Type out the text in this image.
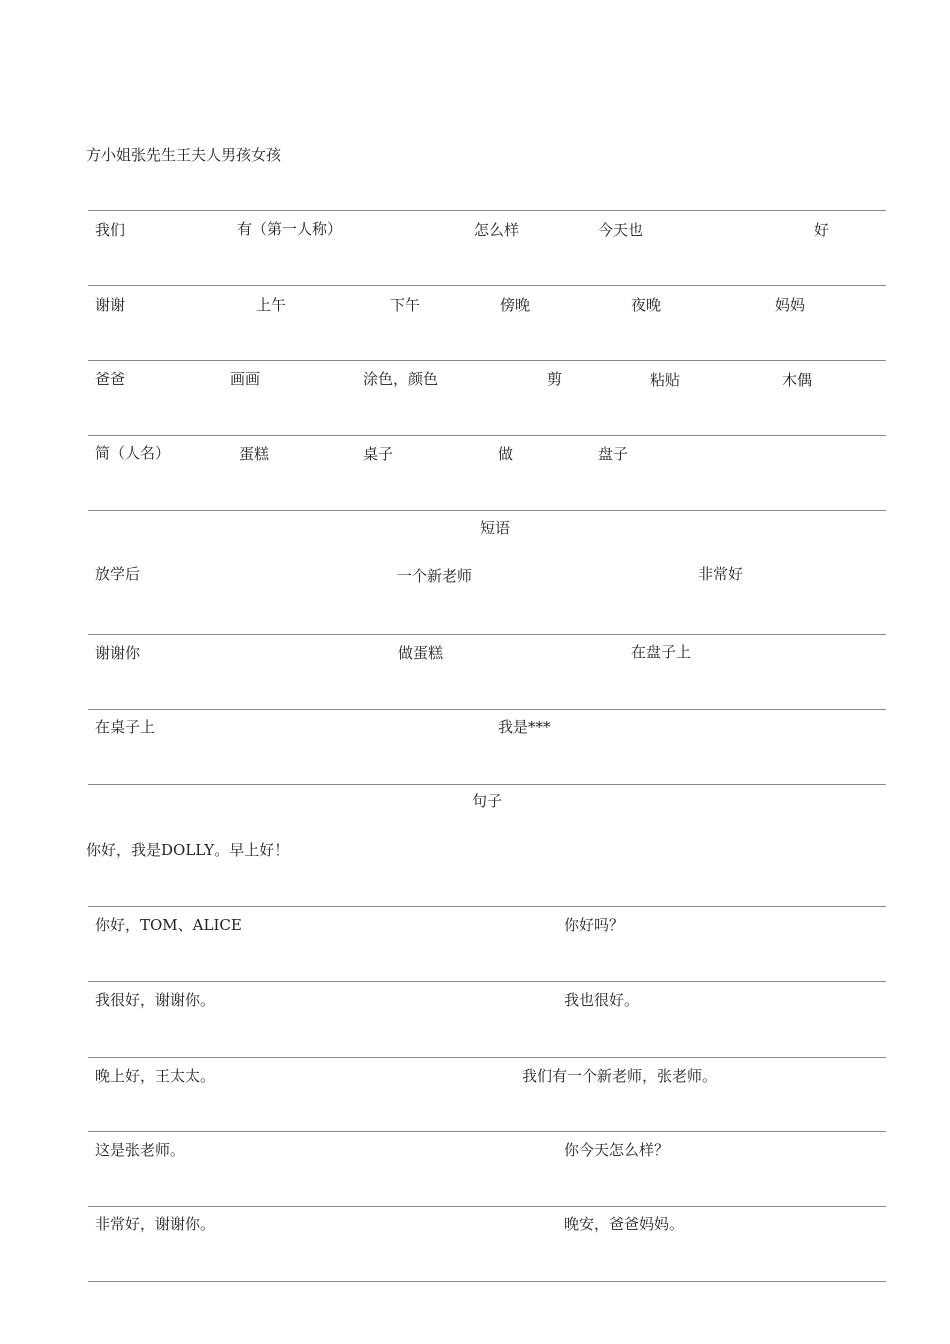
方小姐张先生王夫人男孩女孩
我们	有（第一人称）	怎么样	今天也	好
谢谢	上午	下午	傍晚	夜晚	妈妈
爸爸	画画	涂色，颜色	剪	粘贴	木偶
简（人名）	蛋糕	桌子	做	盘子
短语
放学后	一个新老师	非常好
谢谢你	做蛋糕	在盘子上
在桌子上	我是***
句子
你好，我是DOLLY。早上好！
你好，TOM、ALICE	你好吗？
我很好，谢谢你。	我也很好。
晚上好，王太太。	我们有一个新老师，张老师。
这是张老师。	你今天怎么样？
非常好，谢谢你。	晚安，爸爸妈妈。
